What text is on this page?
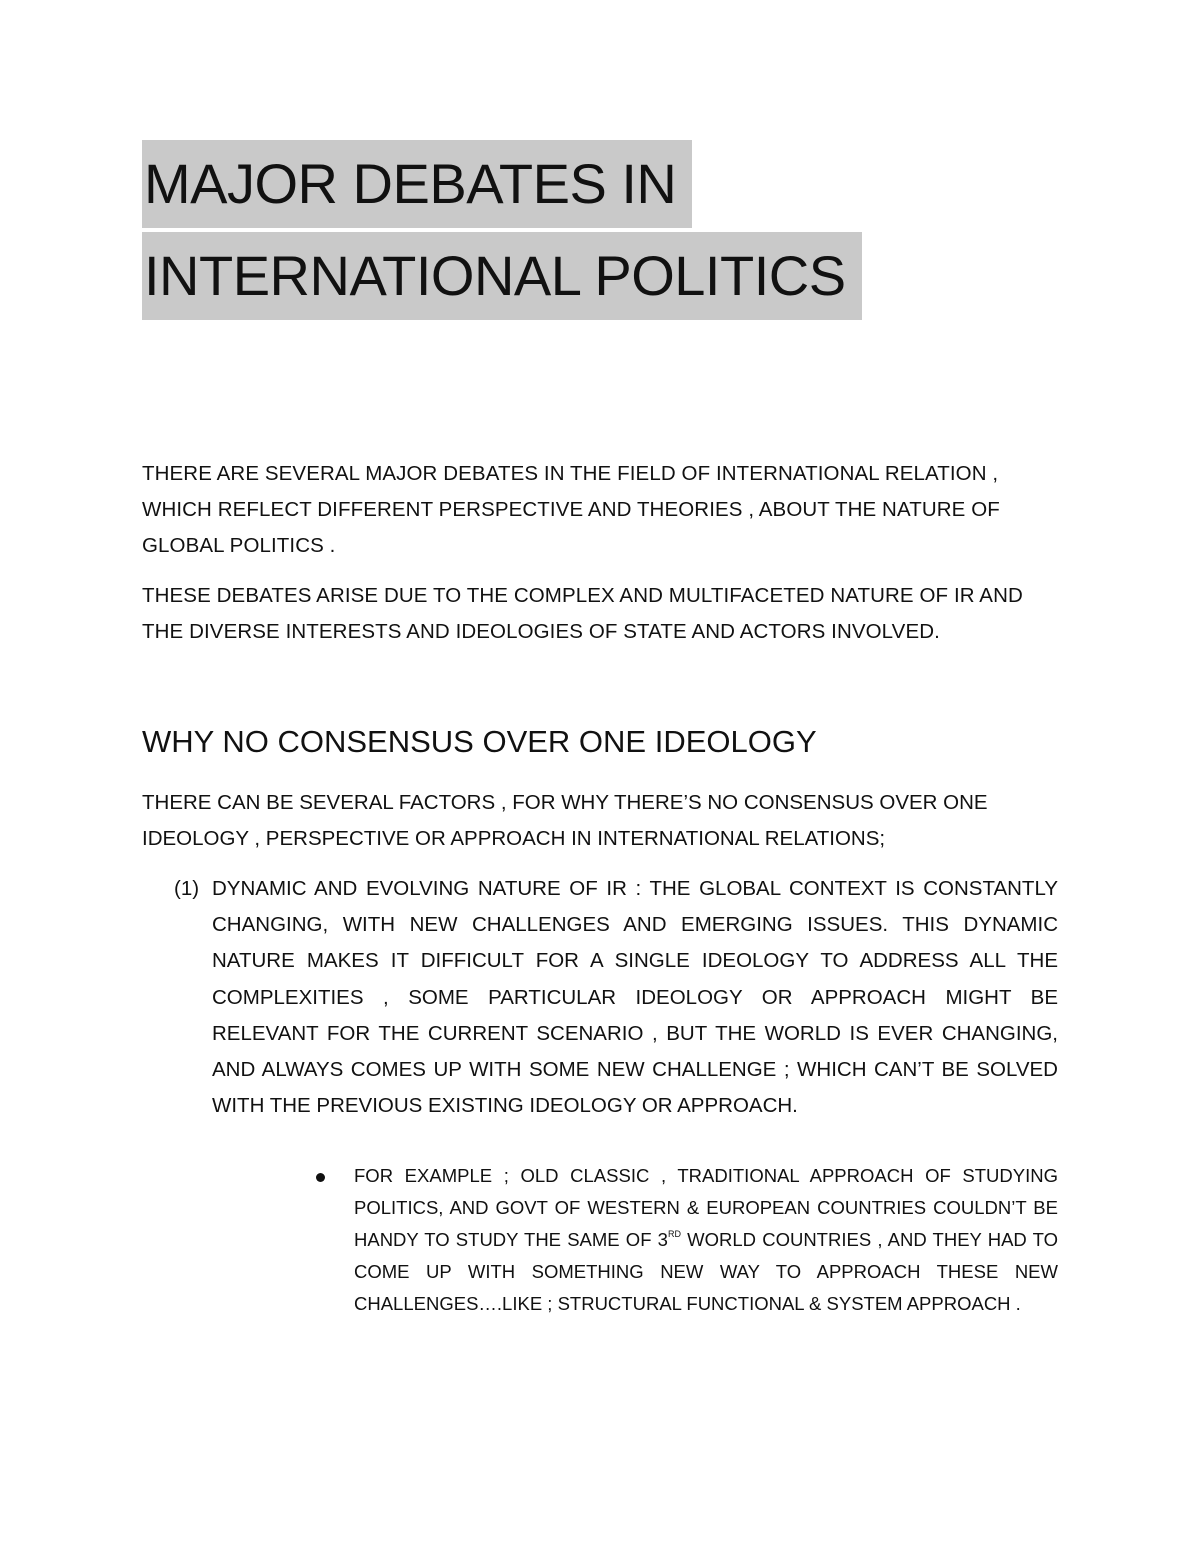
MAJOR DEBATES IN
INTERNATIONAL POLITICS

THERE ARE SEVERAL MAJOR DEBATES IN THE FIELD OF INTERNATIONAL RELATION , WHICH REFLECT DIFFERENT PERSPECTIVE AND THEORIES , ABOUT THE NATURE OF GLOBAL POLITICS .

THESE DEBATES ARISE DUE TO THE COMPLEX AND MULTIFACETED NATURE OF IR AND THE DIVERSE INTERESTS AND IDEOLOGIES OF STATE AND ACTORS INVOLVED.

WHY NO CONSENSUS OVER ONE IDEOLOGY

THERE CAN BE SEVERAL FACTORS , FOR WHY THERE’S NO CONSENSUS OVER ONE IDEOLOGY , PERSPECTIVE OR APPROACH IN INTERNATIONAL RELATIONS;

(1) DYNAMIC AND EVOLVING NATURE OF IR : THE GLOBAL CONTEXT IS CONSTANTLY CHANGING, WITH NEW CHALLENGES AND EMERGING ISSUES. THIS DYNAMIC NATURE MAKES IT DIFFICULT FOR A SINGLE IDEOLOGY TO ADDRESS ALL THE COMPLEXITIES , SOME PARTICULAR IDEOLOGY OR APPROACH MIGHT BE RELEVANT FOR THE CURRENT SCENARIO , BUT THE WORLD IS EVER CHANGING, AND ALWAYS COMES UP WITH SOME NEW CHALLENGE ; WHICH CAN’T BE SOLVED WITH THE PREVIOUS EXISTING IDEOLOGY OR APPROACH.

FOR EXAMPLE ; OLD CLASSIC , TRADITIONAL APPROACH OF STUDYING POLITICS, AND GOVT OF WESTERN & EUROPEAN COUNTRIES COULDN’T BE HANDY TO STUDY THE SAME OF 3RD WORLD COUNTRIES , AND THEY HAD TO COME UP WITH SOMETHING NEW WAY TO APPROACH THESE NEW CHALLENGES….LIKE ; STRUCTURAL FUNCTIONAL & SYSTEM APPROACH .
